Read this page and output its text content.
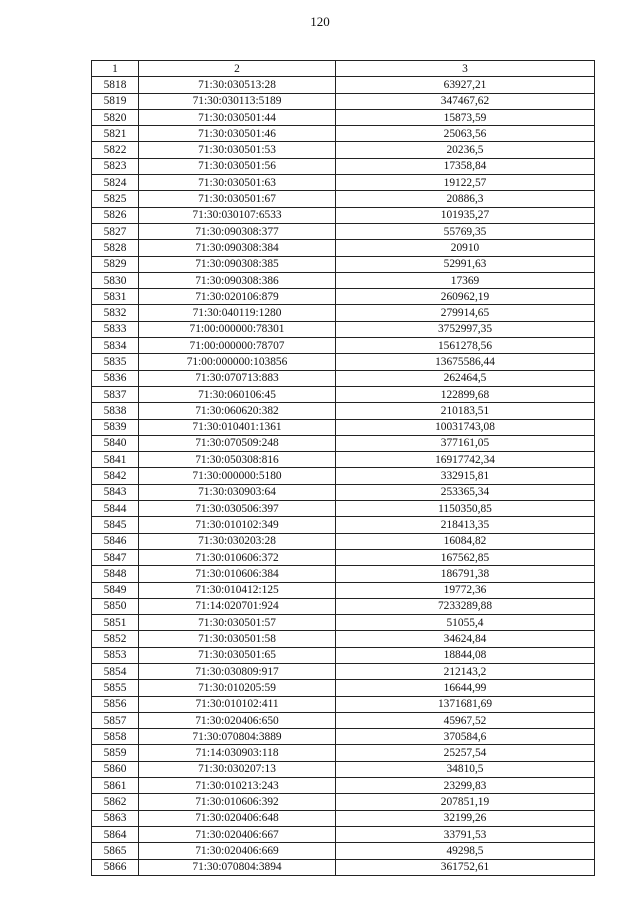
120
1	2	3
5818	71:30:030513:28	63927,21
5819	71:30:030113:5189	347467,62
5820	71:30:030501:44	15873,59
5821	71:30:030501:46	25063,56
5822	71:30:030501:53	20236,5
5823	71:30:030501:56	17358,84
5824	71:30:030501:63	19122,57
5825	71:30:030501:67	20886,3
5826	71:30:030107:6533	101935,27
5827	71:30:090308:377	55769,35
5828	71:30:090308:384	20910
5829	71:30:090308:385	52991,63
5830	71:30:090308:386	17369
5831	71:30:020106:879	260962,19
5832	71:30:040119:1280	279914,65
5833	71:00:000000:78301	3752997,35
5834	71:00:000000:78707	1561278,56
5835	71:00:000000:103856	13675586,44
5836	71:30:070713:883	262464,5
5837	71:30:060106:45	122899,68
5838	71:30:060620:382	210183,51
5839	71:30:010401:1361	10031743,08
5840	71:30:070509:248	377161,05
5841	71:30:050308:816	16917742,34
5842	71:30:000000:5180	332915,81
5843	71:30:030903:64	253365,34
5844	71:30:030506:397	1150350,85
5845	71:30:010102:349	218413,35
5846	71:30:030203:28	16084,82
5847	71:30:010606:372	167562,85
5848	71:30:010606:384	186791,38
5849	71:30:010412:125	19772,36
5850	71:14:020701:924	7233289,88
5851	71:30:030501:57	51055,4
5852	71:30:030501:58	34624,84
5853	71:30:030501:65	18844,08
5854	71:30:030809:917	212143,2
5855	71:30:010205:59	16644,99
5856	71:30:010102:411	1371681,69
5857	71:30:020406:650	45967,52
5858	71:30:070804:3889	370584,6
5859	71:14:030903:118	25257,54
5860	71:30:030207:13	34810,5
5861	71:30:010213:243	23299,83
5862	71:30:010606:392	207851,19
5863	71:30:020406:648	32199,26
5864	71:30:020406:667	33791,53
5865	71:30:020406:669	49298,5
5866	71:30:070804:3894	361752,61
